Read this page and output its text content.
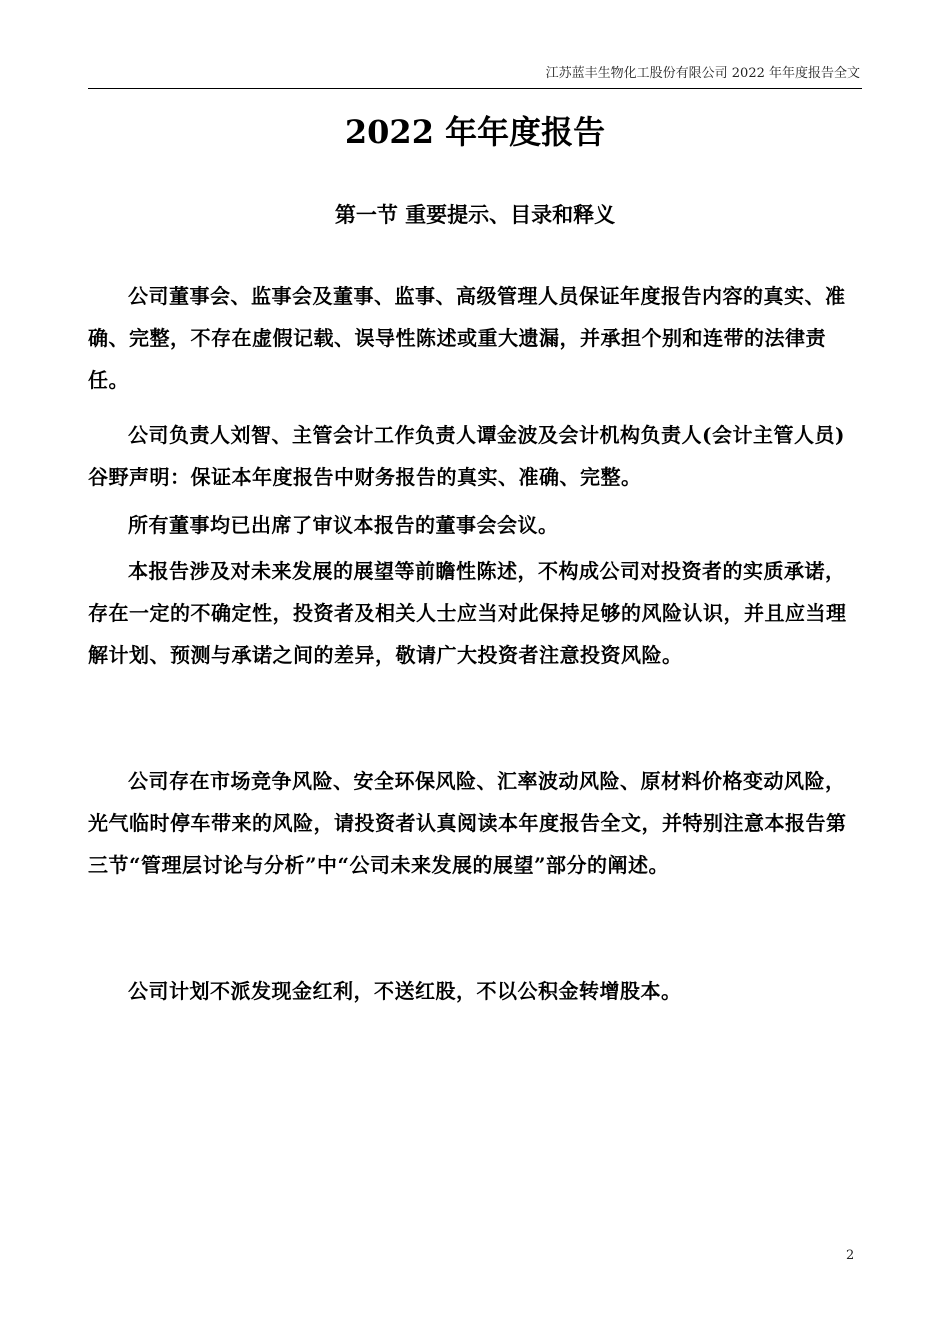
江苏蓝丰生物化工股份有限公司 2022 年年度报告全文
2022 年年度报告
第一节 重要提示、目录和释义

公司董事会、监事会及董事、监事、高级管理人员保证年度报告内容的真实、准确、完整，不存在虚假记载、误导性陈述或重大遗漏，并承担个别和连带的法律责任。

公司负责人刘智、主管会计工作负责人谭金波及会计机构负责人(会计主管人员)谷野声明：保证本年度报告中财务报告的真实、准确、完整。

所有董事均已出席了审议本报告的董事会会议。

本报告涉及对未来发展的展望等前瞻性陈述，不构成公司对投资者的实质承诺，存在一定的不确定性，投资者及相关人士应当对此保持足够的风险认识，并且应当理解计划、预测与承诺之间的差异，敬请广大投资者注意投资风险。

公司存在市场竞争风险、安全环保风险、汇率波动风险、原材料价格变动风险，光气临时停车带来的风险，请投资者认真阅读本年度报告全文，并特别注意本报告第三节“管理层讨论与分析”中“公司未来发展的展望”部分的阐述。

公司计划不派发现金红利，不送红股，不以公积金转增股本。

2
